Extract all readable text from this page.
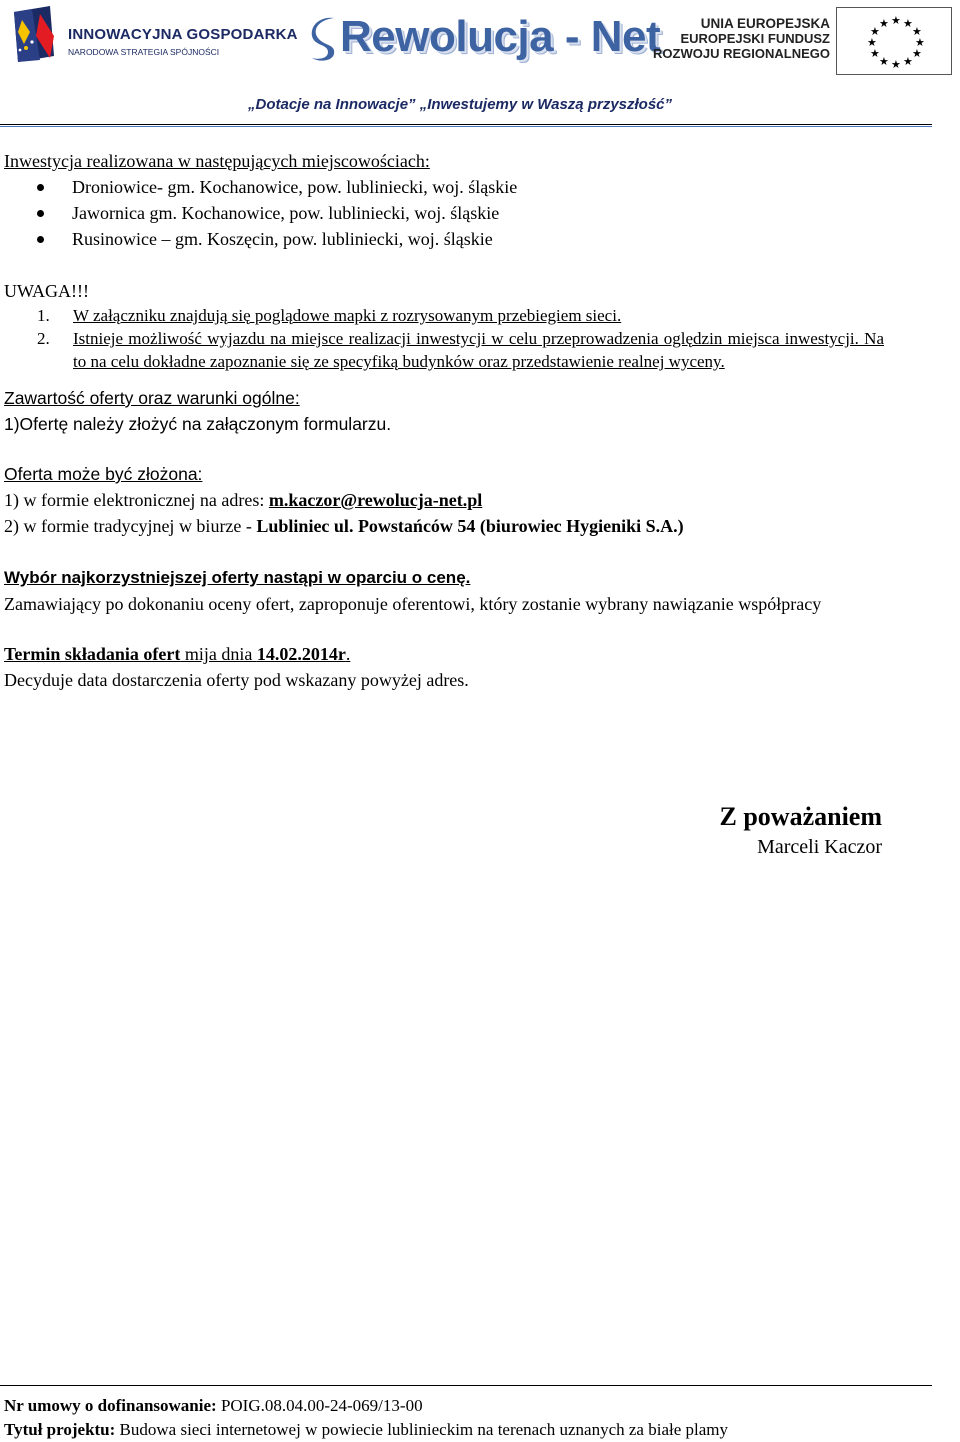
INNOWACYJNA GOSPODARKA
NARODOWA STRATEGIA SPÓJNOŚCI	Rewolucja - Net	UNIA EUROPEJSKA
EUROPEJSKI FUNDUSZ
ROZWOJU REGIONALNEGO
★ ★
★
★
★
★
★
★
★
★
★
★
„Dotacje na Innowacje” „Inwestujemy w Waszą przyszłość”

Inwestycja realizowana w następujących miejscowościach:

Droniowice- gm. Kochanowice, pow. lubliniecki, woj. śląskie
Jawornica gm. Kochanowice, pow. lubliniecki, woj. śląskie
Rusinowice – gm. Koszęcin, pow. lubliniecki, woj. śląskie

UWAGA!!!

1. W załączniku znajdują się poglądowe mapki z rozrysowanym przebiegiem sieci.
2. Istnieje możliwość wyjazdu na miejsce realizacji inwestycji w celu przeprowadzenia oględzin miejsca inwestycji. Na to na celu dokładne zapoznanie się ze specyfiką budynków oraz przedstawienie realnej wyceny.

Zawartość oferty oraz warunki ogólne:

1)Ofertę należy złożyć na załączonym formularzu.

Oferta może być złożona:

1) w formie elektronicznej na adres: m.kaczor@rewolucja-net.pl

2) w formie tradycyjnej w biurze - Lubliniec ul. Powstańców 54 (biurowiec Hygieniki S.A.)

Wybór najkorzystniejszej oferty nastąpi w oparciu o cenę.

Zamawiający po dokonaniu oceny ofert, zaproponuje oferentowi, który zostanie wybrany nawiązanie współpracy

Termin składania ofert mija dnia 14.02.2014r.

Decyduje data dostarczenia oferty pod wskazany powyżej adres.

Z poważaniem
Marceli Kaczor
Nr umowy o dofinansowanie: POIG.08.04.00-24-069/13-00
Tytuł projektu: Budowa sieci internetowej w powiecie lublinieckim na terenach uznanych za białe plamy
